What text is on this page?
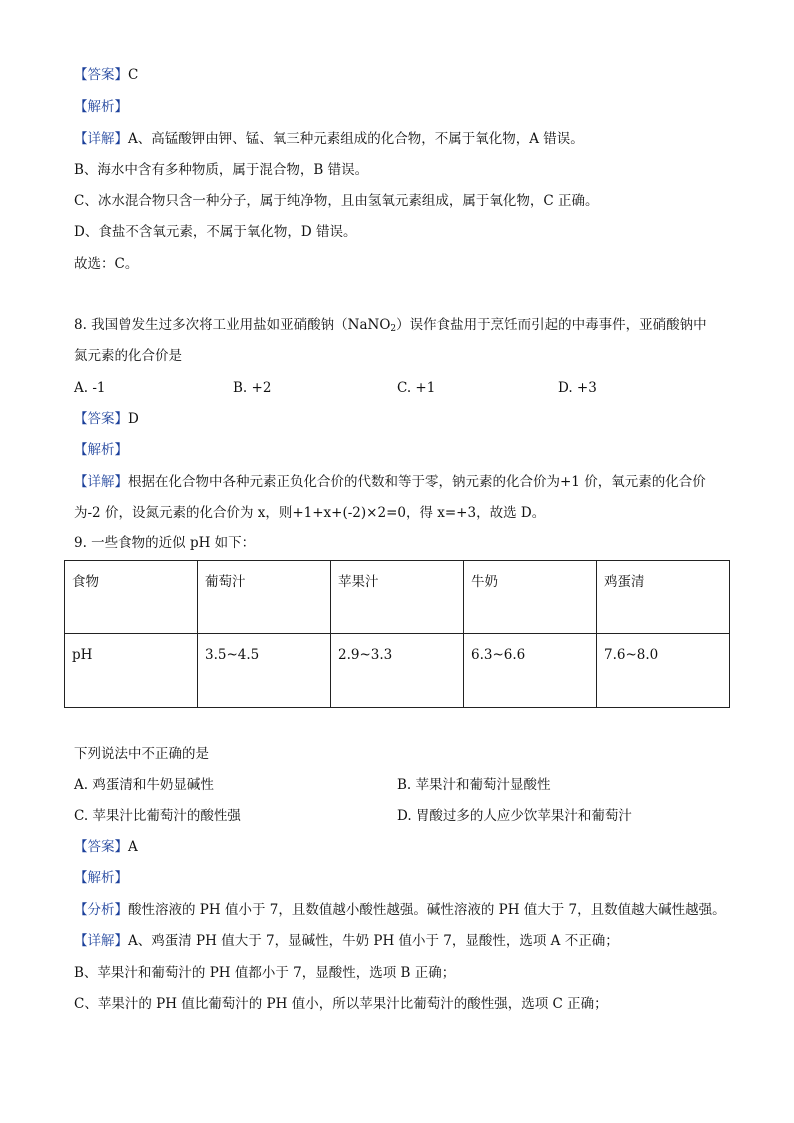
【答案】C
【解析】
【详解】A、高锰酸钾由钾、锰、氧三种元素组成的化合物，不属于氧化物，A 错误。
B、海水中含有多种物质，属于混合物，B 错误。
C、冰水混合物只含一种分子，属于纯净物，且由氢氧元素组成，属于氧化物，C 正确。
D、食盐不含氧元素，不属于氧化物，D 错误。
故选：C。
8. 我国曾发生过多次将工业用盐如亚硝酸钠（NaNO$_2$）误作食盐用于烹饪而引起的中毒事件，亚硝酸钠中
氮元素的化合价是
A. -1	B. +2	C. +1	D. +3
【答案】D
【解析】
【详解】根据在化合物中各种元素正负化合价的代数和等于零，钠元素的化合价为+1 价，氧元素的化合价
为-2 价，设氮元素的化合价为 x，则+1+x+(-2)×2=0，得 x=+3，故选 D。
9. 一些食物的近似 pH 如下：
食物	葡萄汁	苹果汁	牛奶	鸡蛋清
pH	3.5~4.5	2.9~3.3	6.3~6.6	7.6~8.0
下列说法中不正确的是
A. 鸡蛋清和牛奶显碱性	B. 苹果汁和葡萄汁显酸性
C. 苹果汁比葡萄汁的酸性强	D. 胃酸过多的人应少饮苹果汁和葡萄汁
【答案】A
【解析】
【分析】酸性溶液的 PH 值小于 7，且数值越小酸性越强。碱性溶液的 PH 值大于 7，且数值越大碱性越强。
【详解】A、鸡蛋清 PH 值大于 7，显碱性，牛奶 PH 值小于 7，显酸性，选项 A 不正确；
B、苹果汁和葡萄汁的 PH 值都小于 7，显酸性，选项 B 正确；
C、苹果汁的 PH 值比葡萄汁的 PH 值小，所以苹果汁比葡萄汁的酸性强，选项 C 正确；
